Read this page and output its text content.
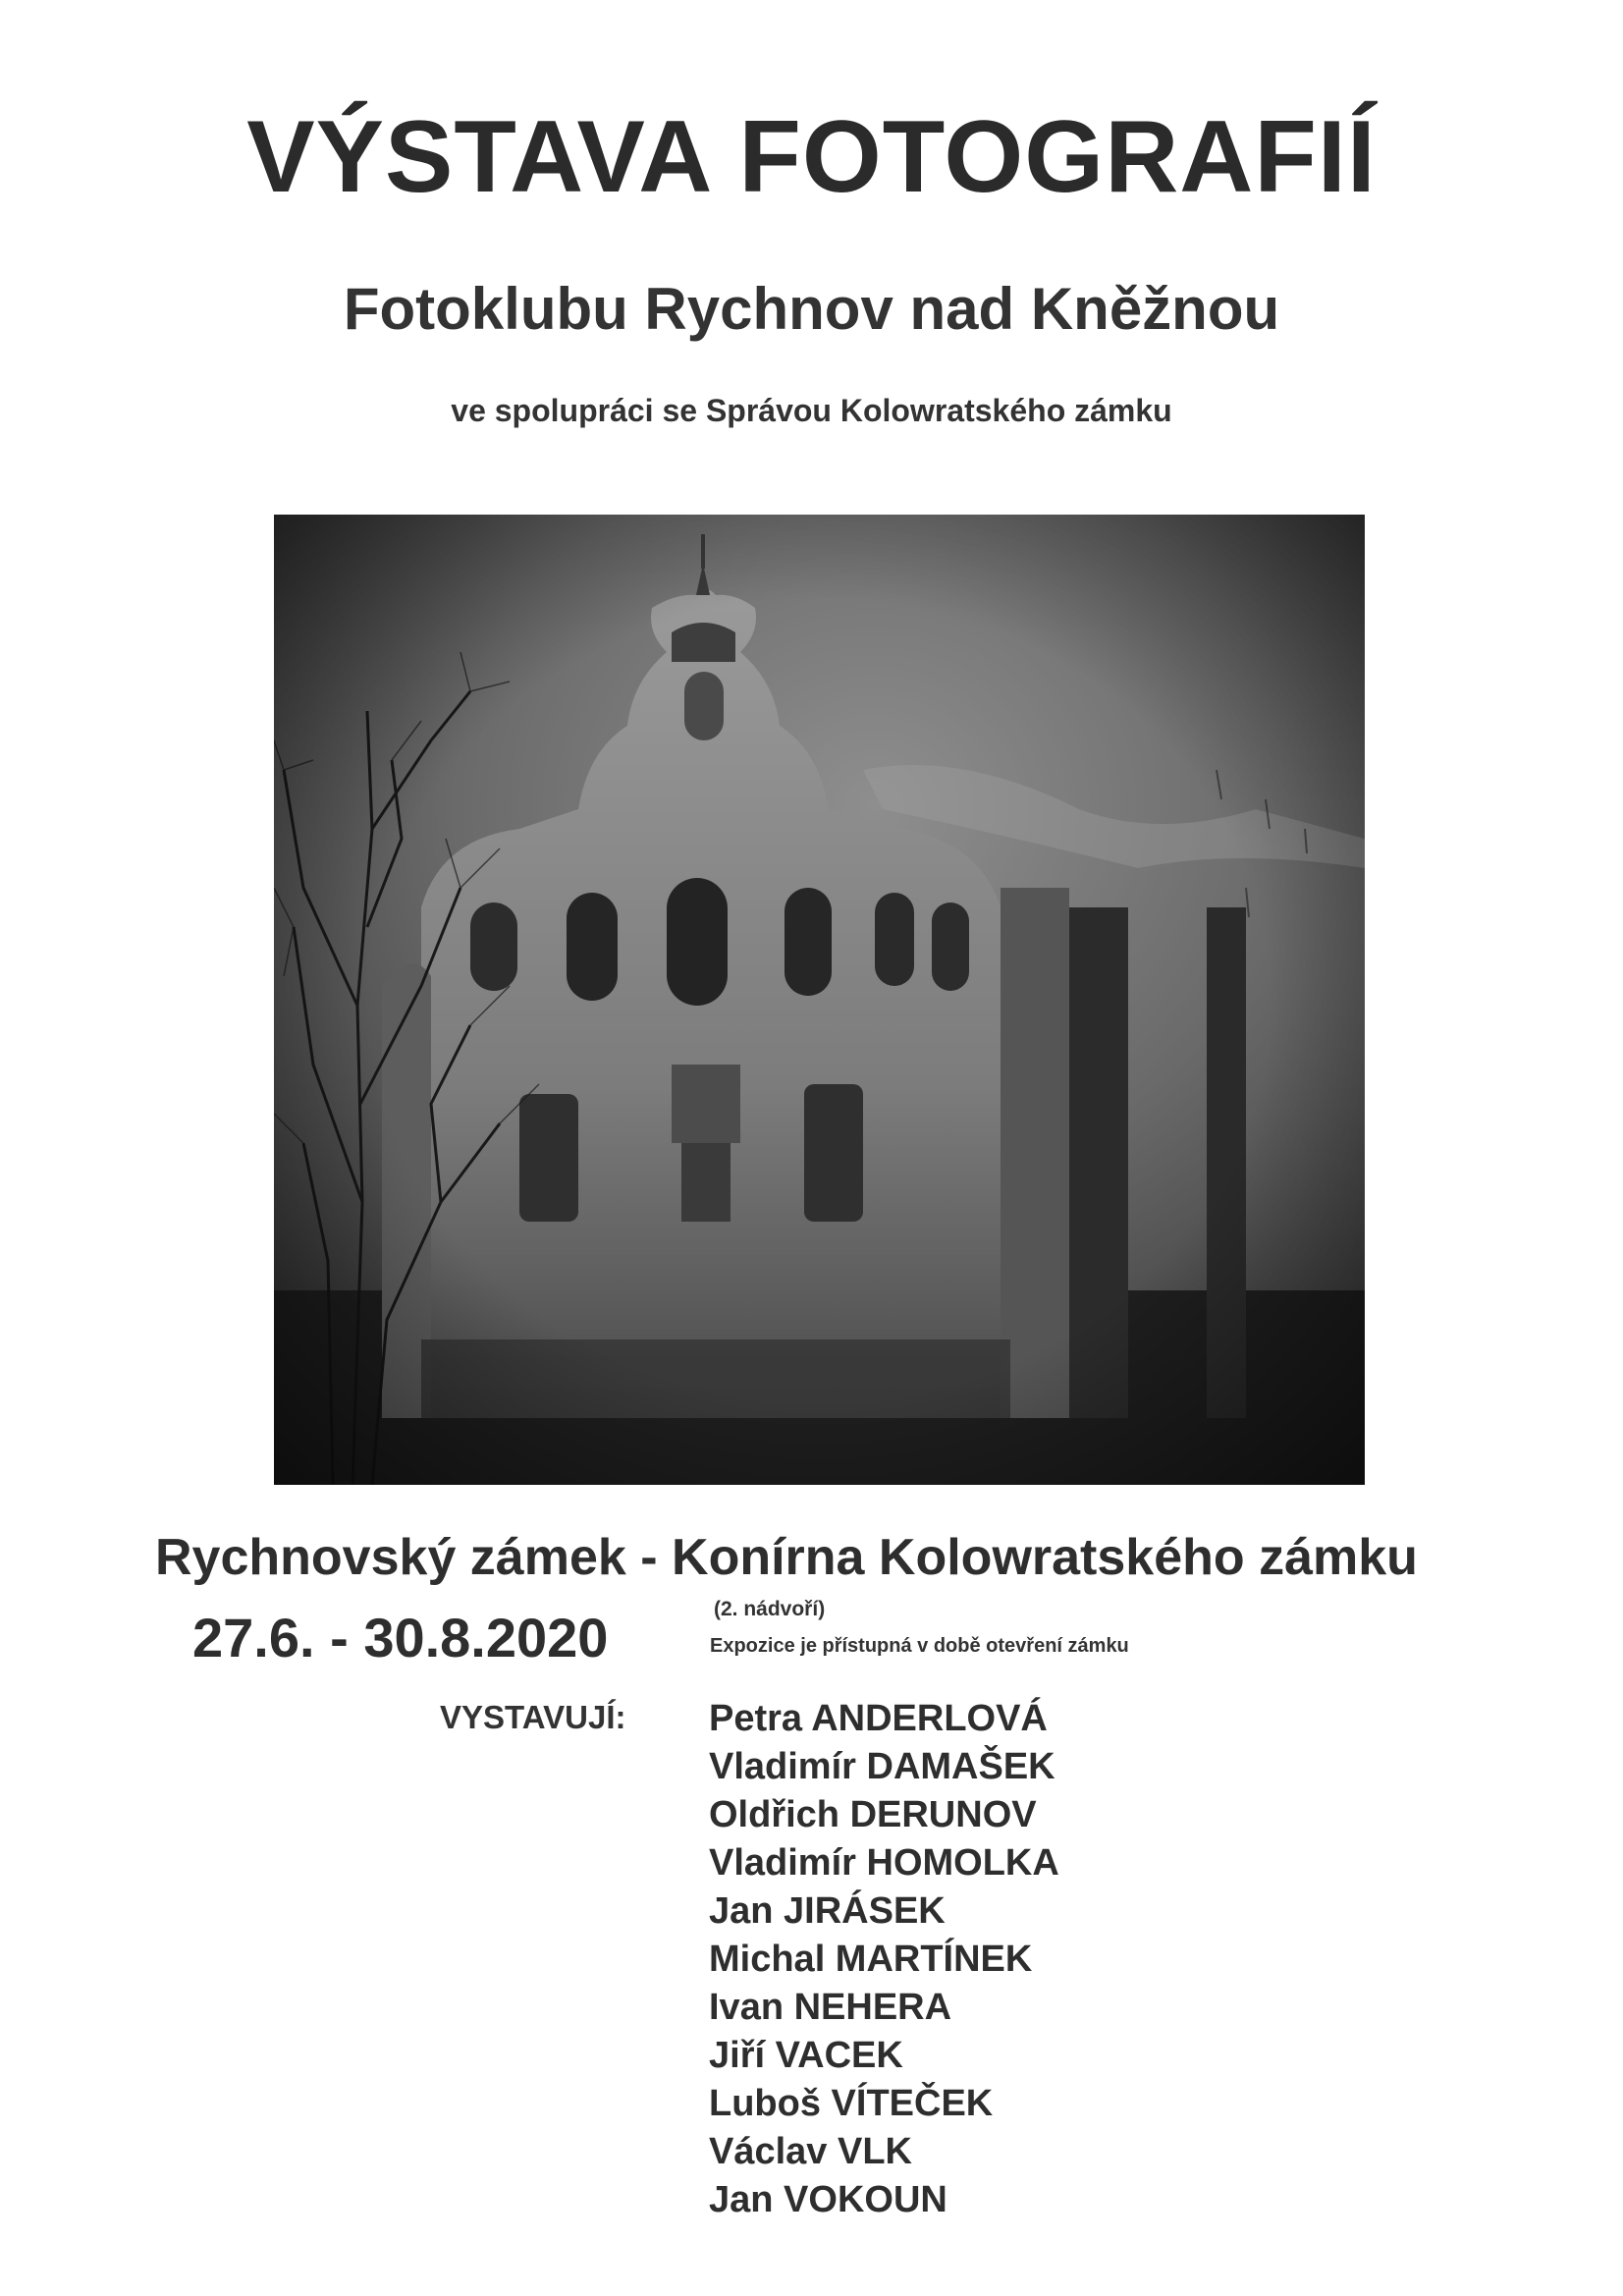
VÝSTAVA FOTOGRAFIÍ
Fotoklubu Rychnov nad Kněžnou
ve spolupráci se Správou Kolowratského zámku
Rychnovský zámek - Konírna Kolowratského zámku
(2. nádvoří)
27.6. - 30.8.2020	Expozice je přístupná v době otevření zámku
VYSTAVUJÍ: Petra ANDERLOVÁ
Vladimír DAMAŠEK
Oldřich DERUNOV
Vladimír HOMOLKA
Jan JIRÁSEK
Michal MARTÍNEK
Ivan NEHERA
Jiří VACEK
Luboš VÍTEČEK
Václav VLK
Jan VOKOUN
